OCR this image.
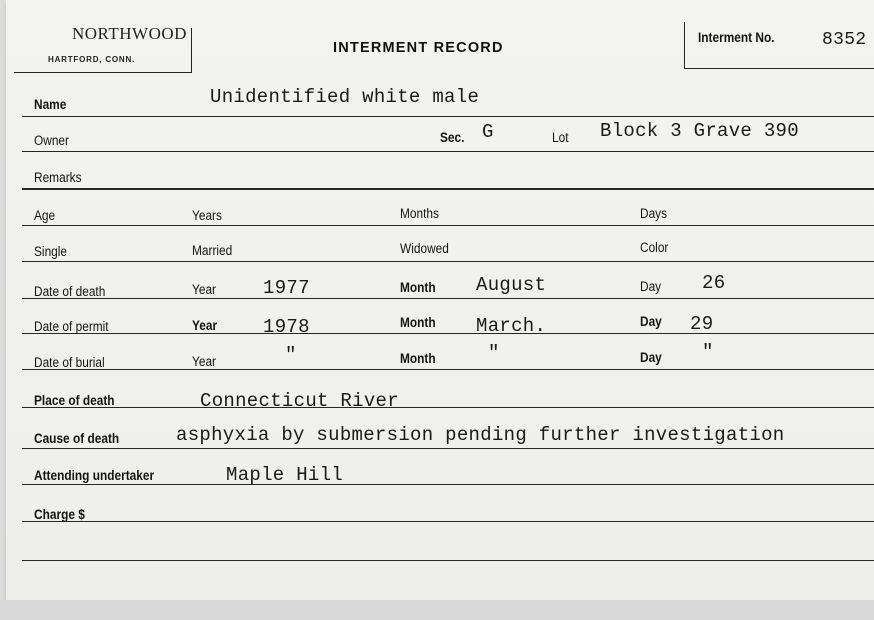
NORTHWOOD
HARTFORD, CONN.
INTERMENT RECORD
Interment No.	8352
Name	Unidentified white male
Owner	Sec. G	Lot Block 3 Grave 390
Remarks
Age	Years	Months	Days
Single	Married	Widowed	Color
Date of death	Year 1977	Month August	Day 26
Date of permit	Year 1978	Month March.	Day 29
Date of burial	Year	"	Month	"	Day "
Place of death	Connecticut River
Cause of death	asphyxia by submersion pending further investigation
Attending undertaker	Maple Hill
Charge $
